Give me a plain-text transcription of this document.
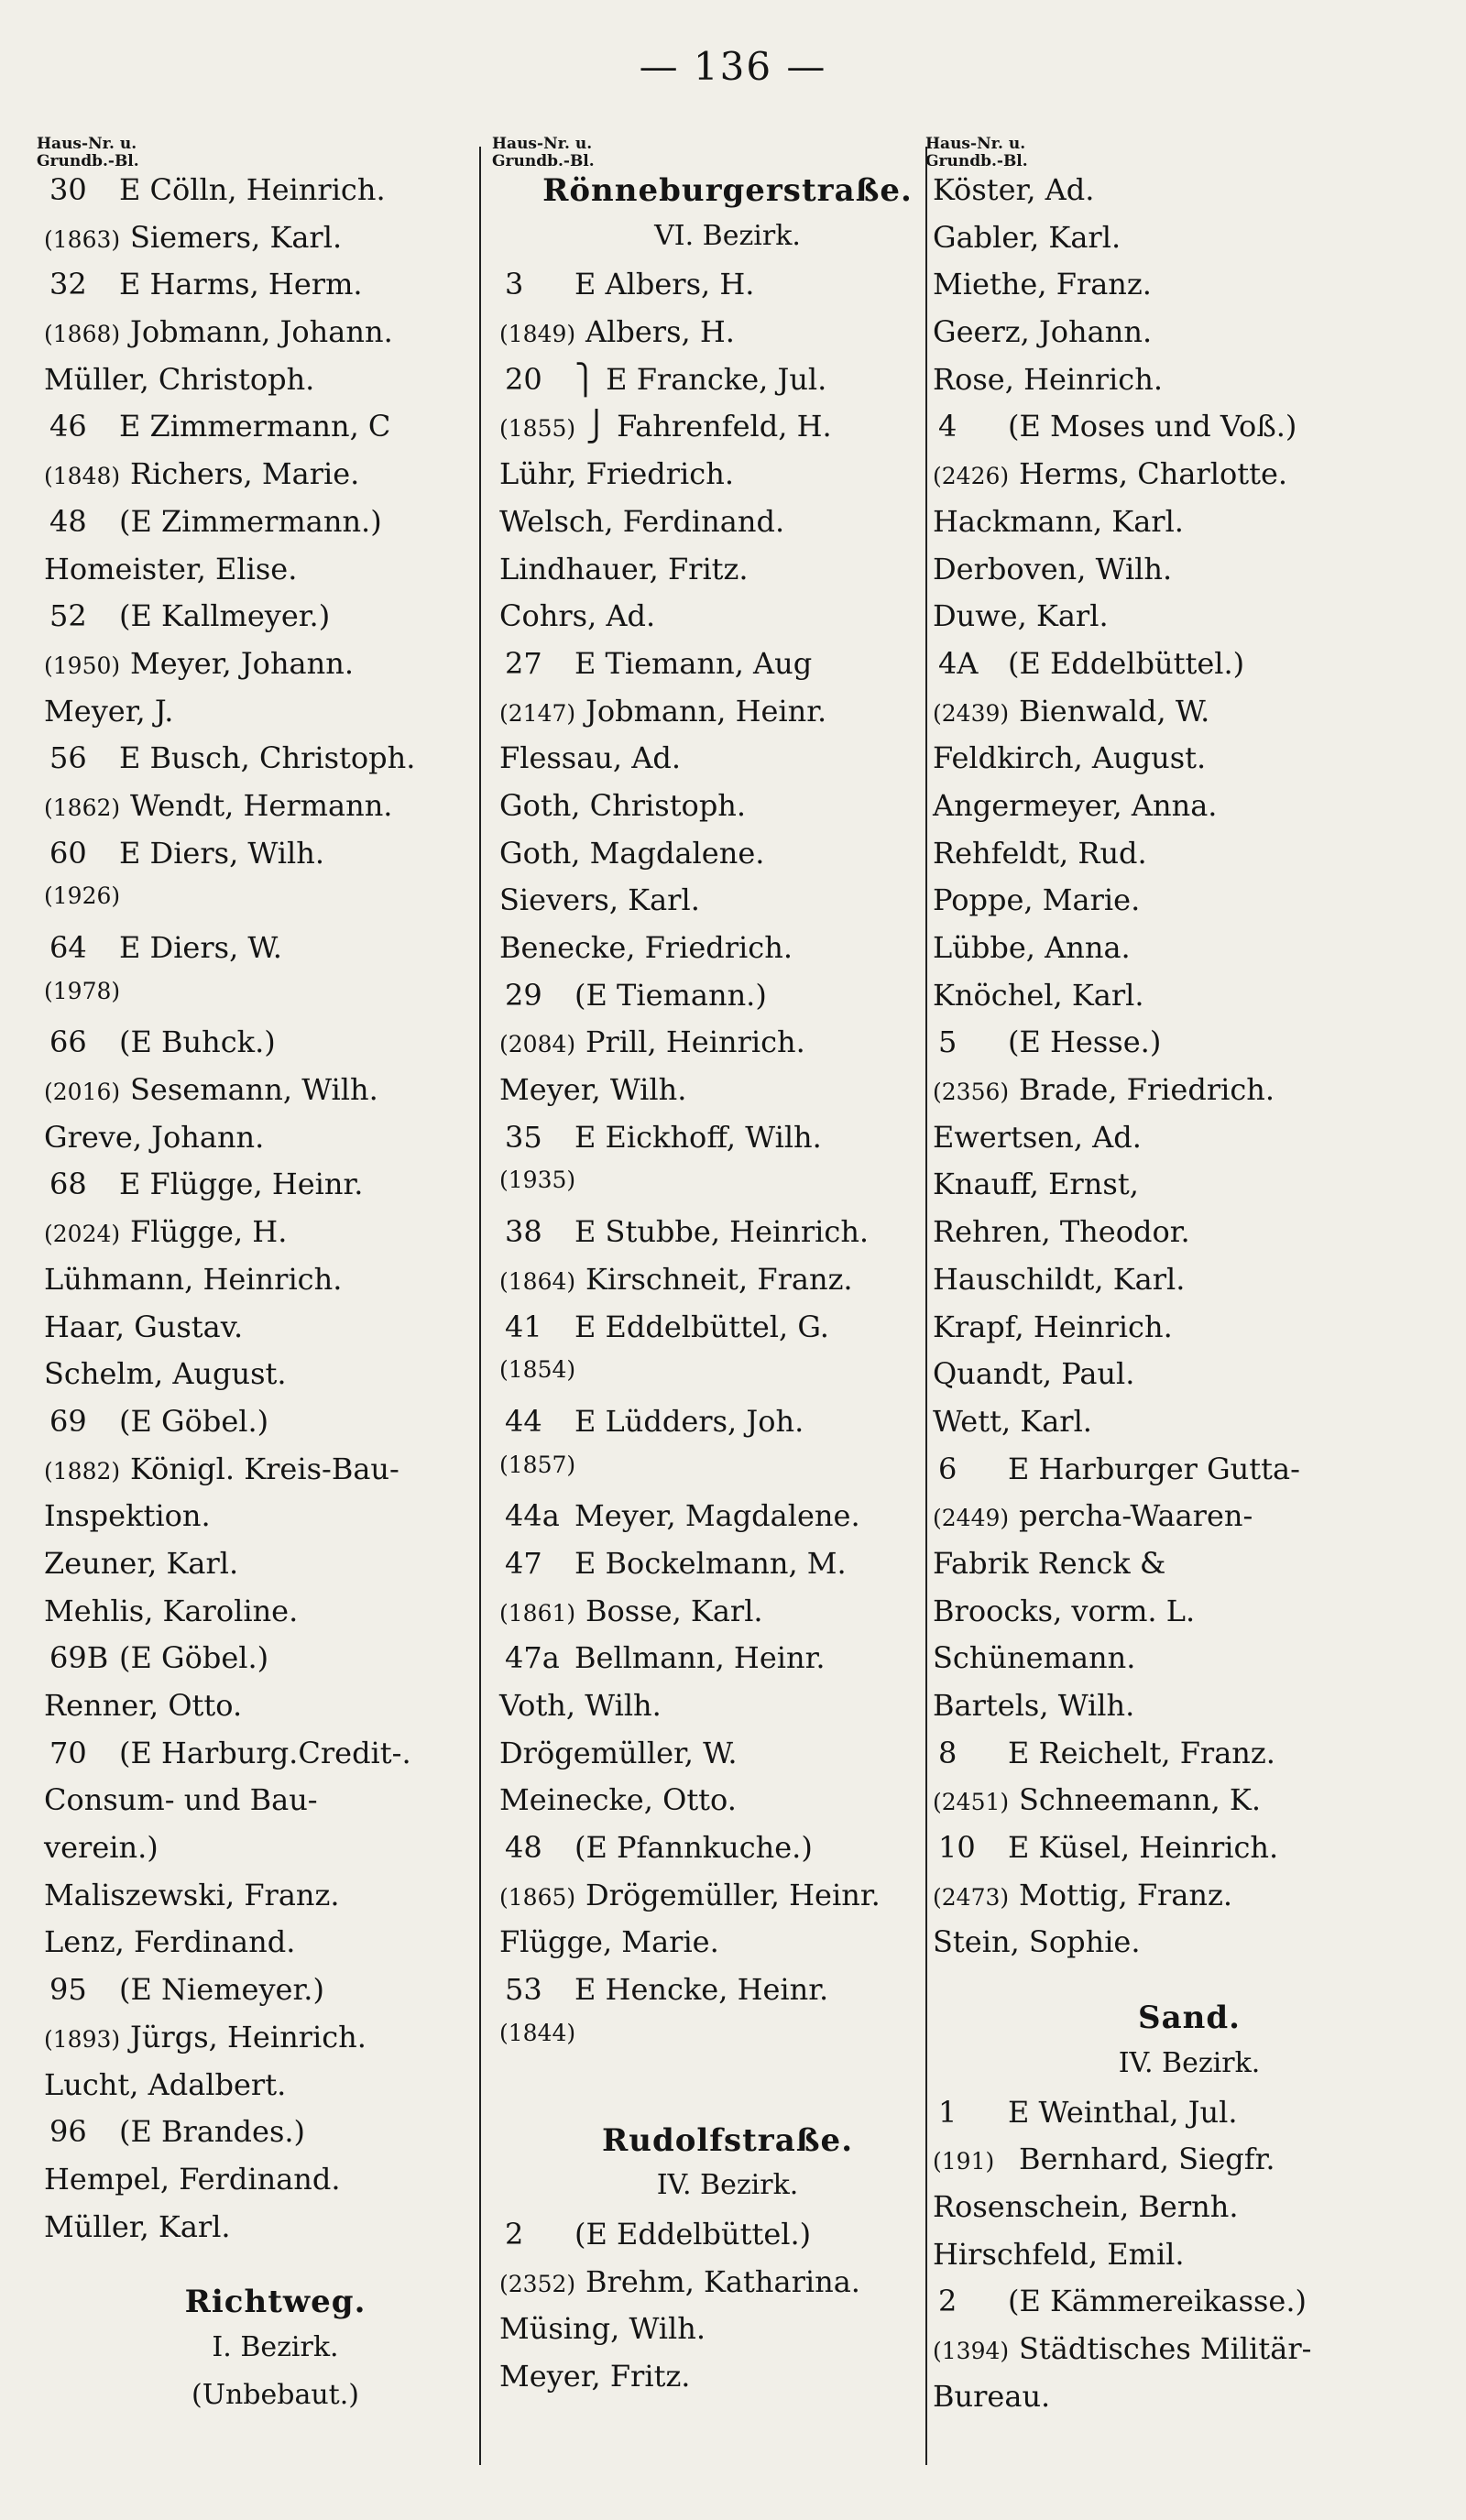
— 136 —
Haus-Nr. u.
Grundb.-Bl.
30	E Cölln, Heinrich.
(1863) Siemers, Karl.
32	E Harms, Herm.
(1868) Jobmann, Johann.
Müller, Christoph.
46	E Zimmermann, C
(1848) Richers, Marie.
48	(E Zimmermann.)
Homeister, Elise.
52	(E Kallmeyer.)
(1950) Meyer, Johann.
Meyer, J.
56	E Busch, Christoph.
(1862) Wendt, Hermann.
60	E Diers, Wilh.
(1926)
64	E Diers, W.
(1978)
66	(E Buhck.)
(2016) Sesemann, Wilh.
Greve, Johann.
68	E Flügge, Heinr.
(2024) Flügge, H.
Lühmann, Heinrich.
Haar, Gustav.
Schelm, August.
69	(E Göbel.)
(1882) Königl. Kreis-Bau-
Inspektion.
Zeuner, Karl.
Mehlis, Karoline.
69B (E Göbel.)
Renner, Otto.
70	(E Harburg.Credit-.
Consum- und Bau-
verein.)
Maliszewski, Franz.
Lenz, Ferdinand.
95	(E Niemeyer.)
(1893) Jürgs, Heinrich.
Lucht, Adalbert.
96	(E Brandes.)
Hempel, Ferdinand.
Müller, Karl.
Richtweg.
I. Bezirk.
(Unbebaut.)
Haus-Nr. u.
Grundb.-Bl.
Rönneburgerstraße.
VI. Bezirk.
3	E Albers, H.
(1849) Albers, H.
20	⎫ E Francke, Jul.
(1855) ⎭ Fahrenfeld, H.
Lühr, Friedrich.
Welsch, Ferdinand.
Lindhauer, Fritz.
Cohrs, Ad.
27	E Tiemann, Aug
(2147) Jobmann, Heinr.
Flessau, Ad.
Goth, Christoph.
Goth, Magdalene.
Sievers, Karl.
Benecke, Friedrich.
29	(E Tiemann.)
(2084) Prill, Heinrich.
Meyer, Wilh.
35	E Eickhoff, Wilh.
(1935)
38	E Stubbe, Heinrich.
(1864) Kirschneit, Franz.
41	E Eddelbüttel, G.
(1854)
44	E Lüdders, Joh.
(1857)
44a Meyer, Magdalene.
47	E Bockelmann, M.
(1861) Bosse, Karl.
47a Bellmann, Heinr.
Voth, Wilh.
Drögemüller, W.
Meinecke, Otto.
48	(E Pfannkuche.)
(1865) Drögemüller, Heinr.
Flügge, Marie.
53	E Hencke, Heinr.
(1844)
Rudolfstraße.
IV. Bezirk.
2	(E Eddelbüttel.)
(2352) Brehm, Katharina.
Müsing, Wilh.
Meyer, Fritz.
Haus-Nr. u.
Grundb.-Bl.
Köster, Ad.
Gabler, Karl.
Miethe, Franz.
Geerz, Johann.
Rose, Heinrich.
4	(E Moses und Voß.)
(2426) Herms, Charlotte.
Hackmann, Karl.
Derboven, Wilh.
Duwe, Karl.
4A	(E Eddelbüttel.)
(2439) Bienwald, W.
Feldkirch, August.
Angermeyer, Anna.
Rehfeldt, Rud.
Poppe, Marie.
Lübbe, Anna.
Knöchel, Karl.
5	(E Hesse.)
(2356) Brade, Friedrich.
Ewertsen, Ad.
Knauff, Ernst,
Rehren, Theodor.
Hauschildt, Karl.
Krapf, Heinrich.
Quandt, Paul.
Wett, Karl.
6	E Harburger Gutta-
(2449) percha-Waaren-
Fabrik Renck &
Broocks, vorm. L.
Schünemann.
Bartels, Wilh.
8	E Reichelt, Franz.
(2451) Schneemann, K.
10	E Küsel, Heinrich.
(2473) Mottig, Franz.
Stein, Sophie.
Sand.
IV. Bezirk.
1	E Weinthal, Jul.
(191) Bernhard, Siegfr.
Rosenschein, Bernh.
Hirschfeld, Emil.
2	(E Kämmereikasse.)
(1394) Städtisches Militär-
Bureau.
